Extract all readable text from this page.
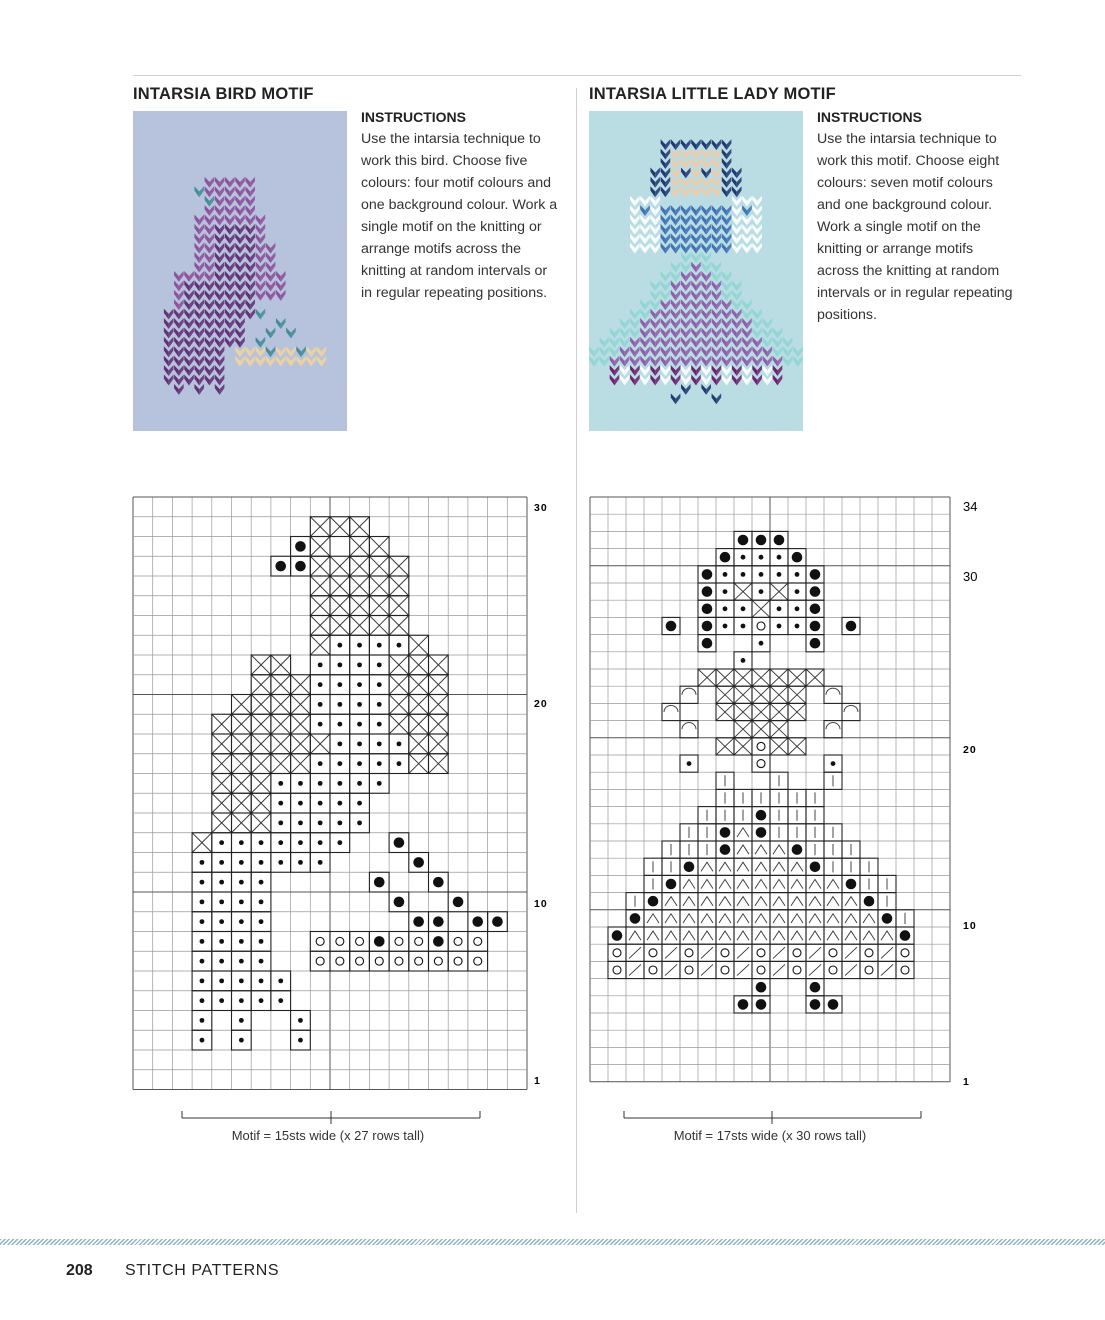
INTARSIA BIRD MOTIF
INSTRUCTIONS
Use the intarsia technique to work this bird. Choose five colours: four motif colours and one background colour. Work a single motif on the knitting or arrange motifs across the knitting at random intervals or in regular repeating positions.
INTARSIA LITTLE LADY MOTIF
INSTRUCTIONS
Use the intarsia technique to work this motif. Choose eight colours: seven motif colours and one background colour. Work a single motif on the knitting or arrange motifs across the knitting at random intervals or in regular repeating positions.
30
20
10
1
Motif = 15sts wide (x 27 rows tall)
34
30
20
10
1
Motif = 17sts wide (x 30 rows tall)
208 STITCH PATTERNS
